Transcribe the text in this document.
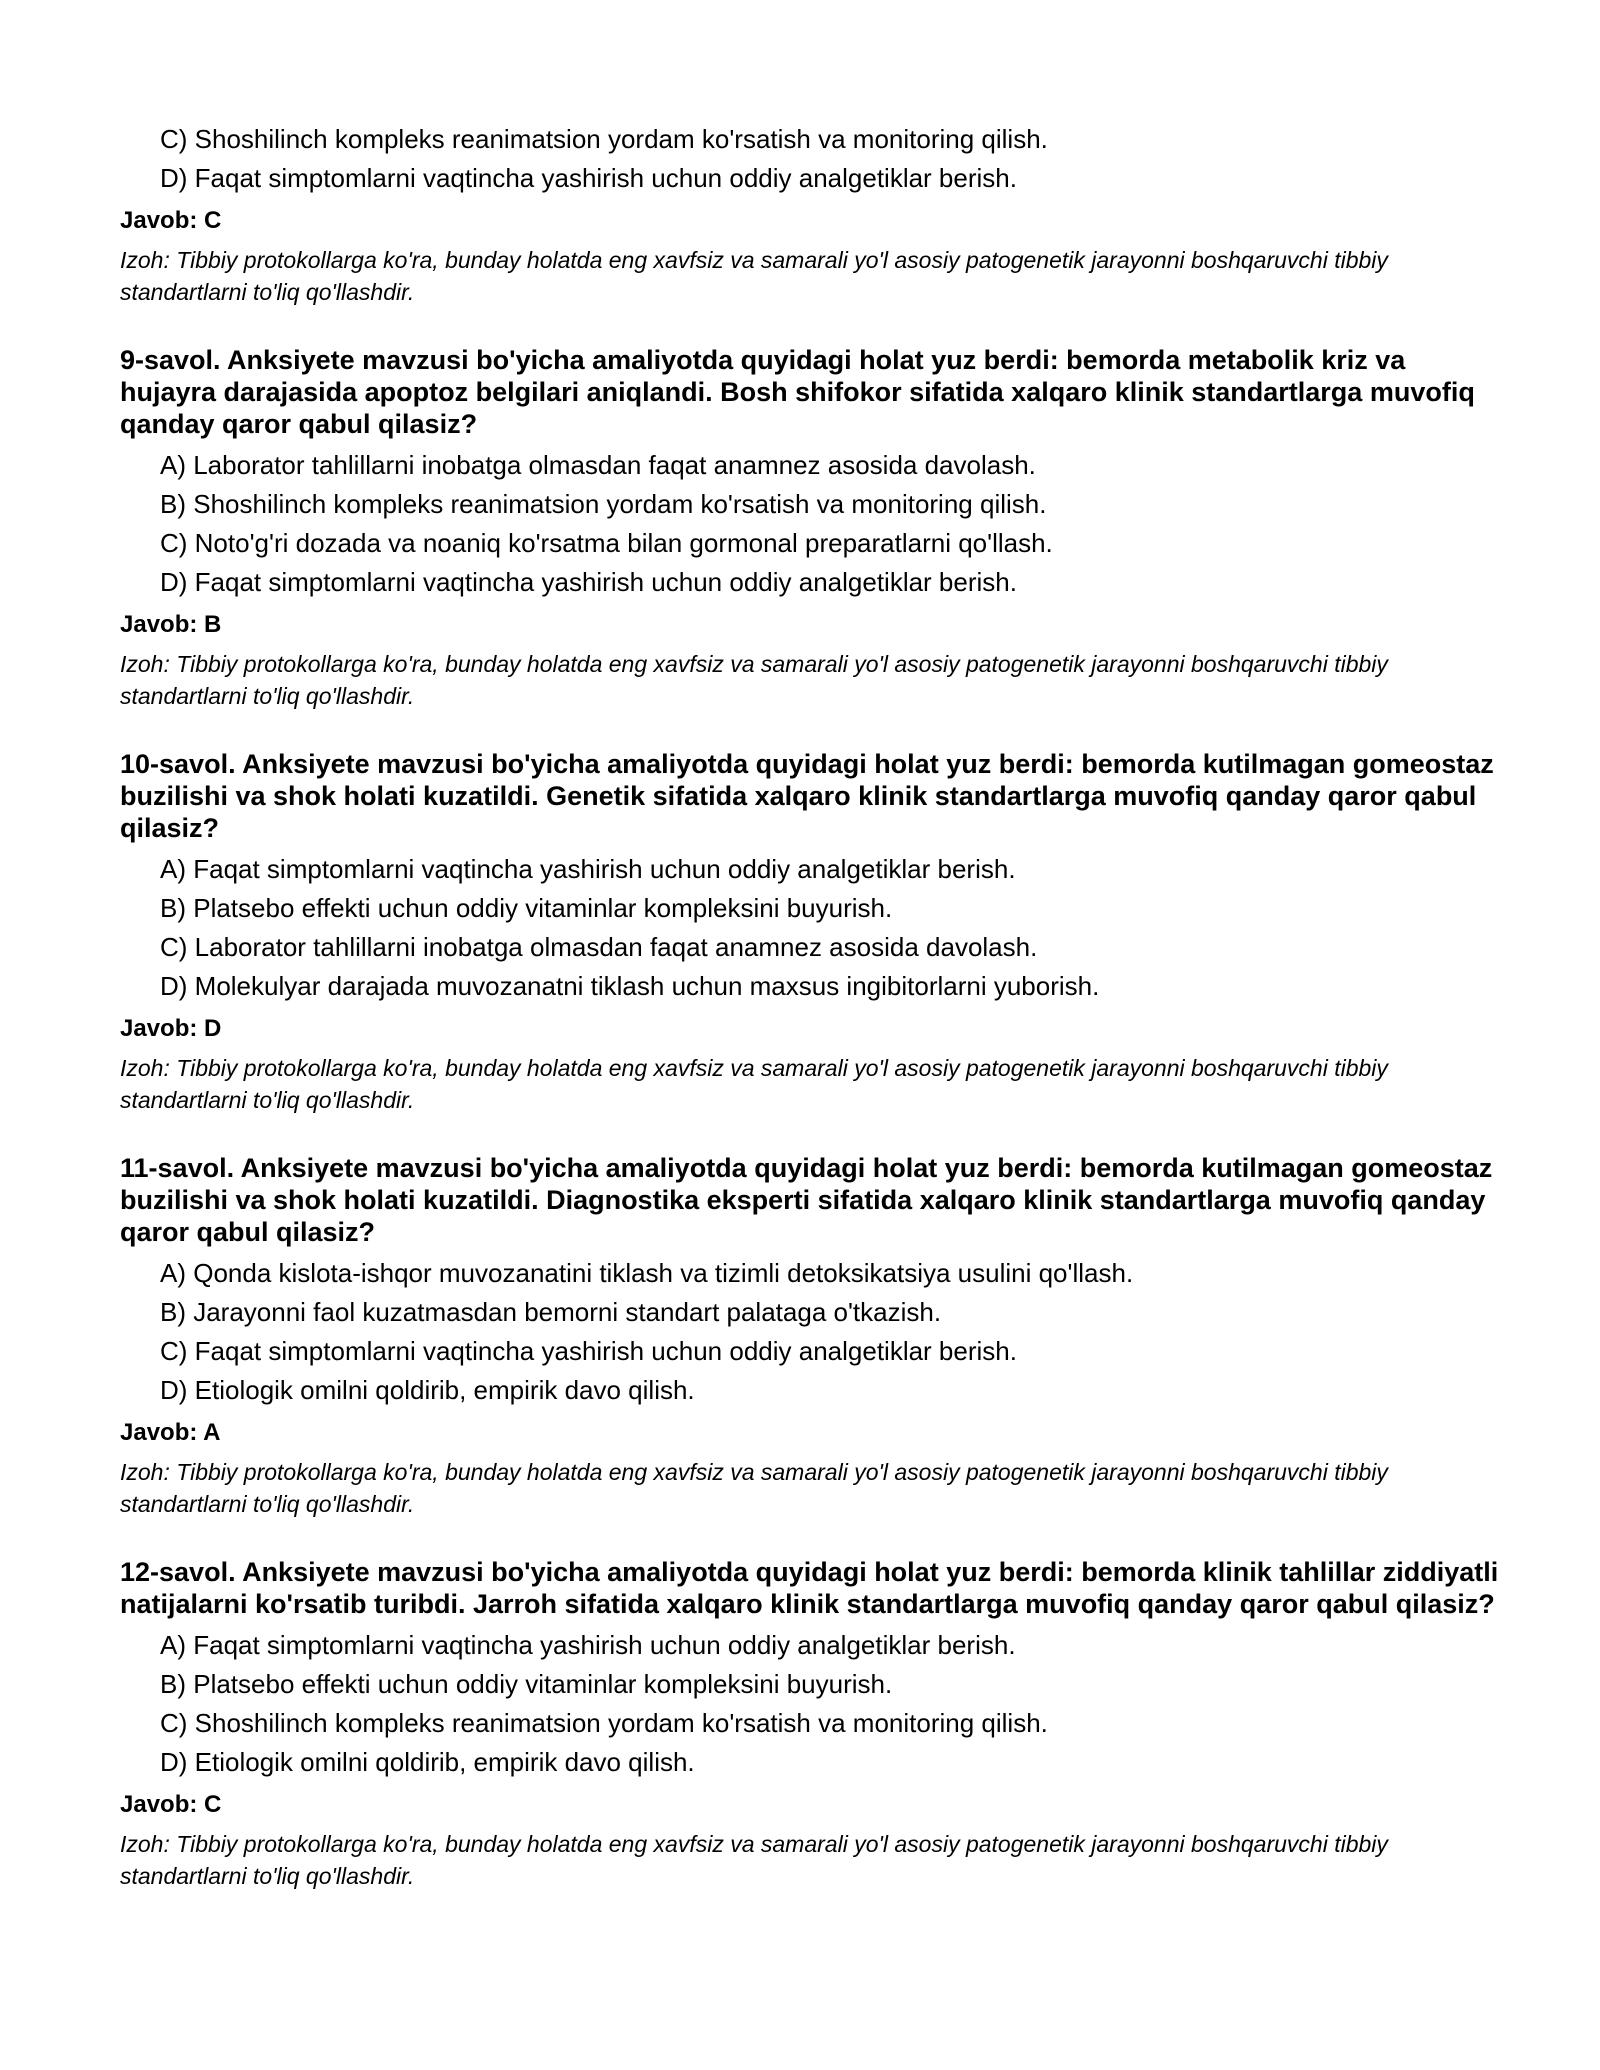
C) Shoshilinch kompleks reanimatsion yordam ko'rsatish va monitoring qilish.
D) Faqat simptomlarni vaqtincha yashirish uchun oddiy analgetiklar berish.
Javob: C
Izoh: Tibbiy protokollarga ko'ra, bunday holatda eng xavfsiz va samarali yo'l asosiy patogenetik jarayonni boshqaruvchi tibbiy standartlarni to'liq qo'llashdir.
9-savol. Anksiyete mavzusi bo'yicha amaliyotda quyidagi holat yuz berdi: bemorda metabolik kriz va hujayra darajasida apoptoz belgilari aniqlandi. Bosh shifokor sifatida xalqaro klinik standartlarga muvofiq qanday qaror qabul qilasiz?
A) Laborator tahlillarni inobatga olmasdan faqat anamnez asosida davolash.
B) Shoshilinch kompleks reanimatsion yordam ko'rsatish va monitoring qilish.
C) Noto'g'ri dozada va noaniq ko'rsatma bilan gormonal preparatlarni qo'llash.
D) Faqat simptomlarni vaqtincha yashirish uchun oddiy analgetiklar berish.
Javob: B
Izoh: Tibbiy protokollarga ko'ra, bunday holatda eng xavfsiz va samarali yo'l asosiy patogenetik jarayonni boshqaruvchi tibbiy standartlarni to'liq qo'llashdir.
10-savol. Anksiyete mavzusi bo'yicha amaliyotda quyidagi holat yuz berdi: bemorda kutilmagan gomeostaz buzilishi va shok holati kuzatildi. Genetik sifatida xalqaro klinik standartlarga muvofiq qanday qaror qabul qilasiz?
A) Faqat simptomlarni vaqtincha yashirish uchun oddiy analgetiklar berish.
B) Platsebo effekti uchun oddiy vitaminlar kompleksini buyurish.
C) Laborator tahlillarni inobatga olmasdan faqat anamnez asosida davolash.
D) Molekulyar darajada muvozanatni tiklash uchun maxsus ingibitorlarni yuborish.
Javob: D
Izoh: Tibbiy protokollarga ko'ra, bunday holatda eng xavfsiz va samarali yo'l asosiy patogenetik jarayonni boshqaruvchi tibbiy standartlarni to'liq qo'llashdir.
11-savol. Anksiyete mavzusi bo'yicha amaliyotda quyidagi holat yuz berdi: bemorda kutilmagan gomeostaz buzilishi va shok holati kuzatildi. Diagnostika eksperti sifatida xalqaro klinik standartlarga muvofiq qanday qaror qabul qilasiz?
A) Qonda kislota-ishqor muvozanatini tiklash va tizimli detoksikatsiya usulini qo'llash.
B) Jarayonni faol kuzatmasdan bemorni standart palataga o'tkazish.
C) Faqat simptomlarni vaqtincha yashirish uchun oddiy analgetiklar berish.
D) Etiologik omilni qoldirib, empirik davo qilish.
Javob: A
Izoh: Tibbiy protokollarga ko'ra, bunday holatda eng xavfsiz va samarali yo'l asosiy patogenetik jarayonni boshqaruvchi tibbiy standartlarni to'liq qo'llashdir.
12-savol. Anksiyete mavzusi bo'yicha amaliyotda quyidagi holat yuz berdi: bemorda klinik tahlillar ziddiyatli natijalarni ko'rsatib turibdi. Jarroh sifatida xalqaro klinik standartlarga muvofiq qanday qaror qabul qilasiz?
A) Faqat simptomlarni vaqtincha yashirish uchun oddiy analgetiklar berish.
B) Platsebo effekti uchun oddiy vitaminlar kompleksini buyurish.
C) Shoshilinch kompleks reanimatsion yordam ko'rsatish va monitoring qilish.
D) Etiologik omilni qoldirib, empirik davo qilish.
Javob: C
Izoh: Tibbiy protokollarga ko'ra, bunday holatda eng xavfsiz va samarali yo'l asosiy patogenetik jarayonni boshqaruvchi tibbiy standartlarni to'liq qo'llashdir.
